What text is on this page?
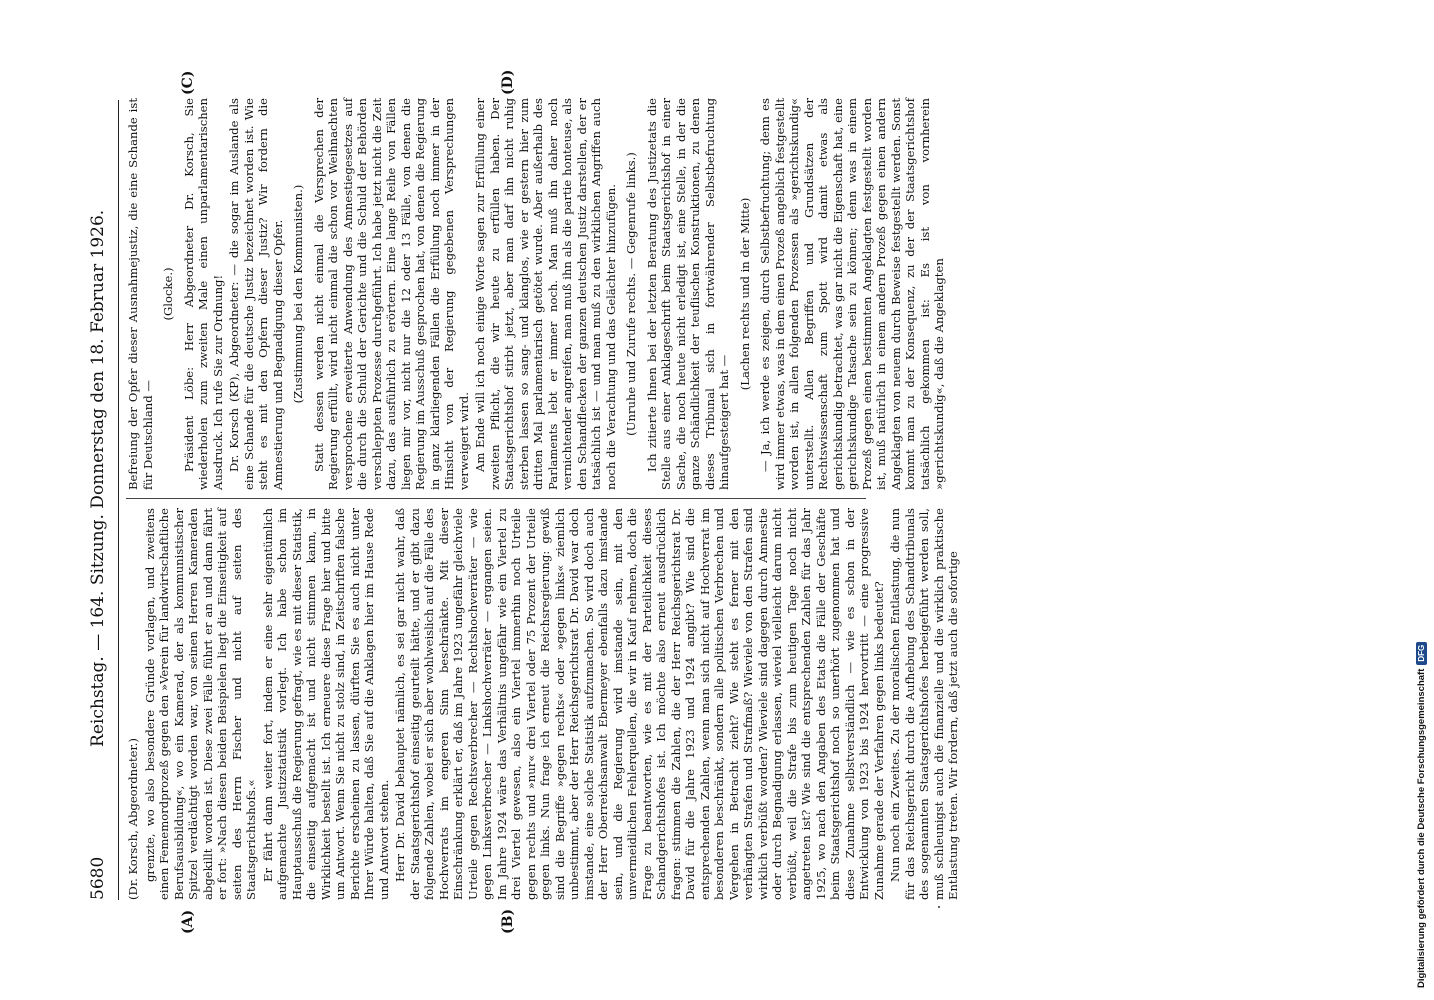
5680
Reichstag. — 164. Sitzung. Donnerstag den 18. Februar 1926.

(Dr. Korsch, Abgeordneter.) grenzte, wo also besondere Gründe vorlagen, und zweitens einen Fememordprozeß gegen den »Verein für landwirtschaftliche Berufsausbildung«, wo ein Kamerad, der als kommunistischer Spitzel verdächtigt worden war, von seinen Herren Kameraden abgekillt worden ist. Diese zwei Fälle führt er an und dann fährt er fort: »Nach diesen beiden Beispielen liegt die Einseitigkeit auf seiten des Herrn Fischer und nicht auf seiten des Staatsgerichtshofs.« Er fährt dann weiter fort, indem er eine sehr eigentümlich aufgemachte Justizstatistik vorlegt. Ich habe schon im Hauptausschuß die Regierung gefragt, wie es mit dieser Statistik, die einseitig aufgemacht ist und nicht stimmen kann, in Wirklichkeit bestellt ist. Ich erneuere diese Frage hier und bitte um Antwort. Wenn Sie nicht zu stolz sind, in Zeitschriften falsche Berichte erscheinen zu lassen, dürften Sie es auch nicht unter Ihrer Würde halten, daß Sie auf die Anklagen hier im Hause Rede und Antwort stehen. Herr Dr. David behauptet nämlich, es sei gar nicht wahr, daß der Staatsgerichtshof einseitig geurteilt hätte, und er gibt dazu folgende Zahlen, wobei er sich aber wohlweislich auf die Fälle des Hochverrats im engeren Sinn beschränkte. Mit dieser Einschränkung erklärt er, daß im Jahre 1923 ungefähr gleichviele Urteile gegen Rechtsverbrecher — Rechtshochverräter — wie gegen Linksverbrecher — Linkshochverräter — ergangen seien. Im Jahre 1924 wäre das Verhältnis ungefähr wie ein Viertel zu drei Viertel gewesen, also ein Viertel immerhin noch Urteile gegen rechts und »nur« drei Viertel oder 75 Prozent der Urteile gegen links. Nun frage ich erneut die Reichsregierung: gewiß sind die Begriffe »gegen rechts« oder »gegen links« ziemlich unbestimmt, aber der Herr Reichsgerichtsrat Dr. David war doch imstande, eine solche Statistik aufzumachen. So wird doch auch der Herr Oberreichsanwalt Ebermeyer ebenfalls dazu imstande sein, und die Regierung wird imstande sein, mit den unvermeidlichen Fehlerquellen, die wir in Kauf nehmen, doch die Frage zu beantworten, wie es mit der Parteilichkeit dieses Schandgerichtshofes ist. Ich möchte also erneut ausdrücklich fragen: stimmen die Zahlen, die der Herr Reichsgerichtsrat Dr. David für die Jahre 1923 und 1924 angibt? Wie sind die entsprechenden Zahlen, wenn man sich nicht auf Hochverrat im besonderen beschränkt, sondern alle politischen Verbrechen und Vergehen in Betracht zieht? Wie steht es ferner mit den verhängten Strafen und Strafmaß? Wieviele von den Strafen sind wirklich verbüßt worden? Wieviele sind dagegen durch Amnestie oder durch Begnadigung erlassen, wieviel vielleicht darum nicht verbüßt, weil die Strafe bis zum heutigen Tage noch nicht angetreten ist? Wie sind die entsprechenden Zahlen für das Jahr 1925, wo nach den Angaben des Etats die Fälle der Geschäfte beim Staatsgerichtshof noch so unerhört zugenommen hat und diese Zunahme selbstverständlich — wie es schon in der Entwicklung von 1923 bis 1924 hervortritt — eine progressive Zunahme gerade der Verfahren gegen links bedeutet? Nun noch ein Zweites. Zu der moralischen Entlastung, die nun für das Reichsgericht durch die Aufhebung des Schandtribunals des sogenannten Staatsgerichtshofes herbeigeführt werden soll, muß schleunigst auch die finanzielle und die wirklich praktische Entlastung treten. Wir fordern, daß jetzt auch die sofortige

Befreiung der Opfer dieser Ausnahmejustiz, die eine Schande ist für Deutschland —

(Glocke.) Präsident Löbe: Herr Abgeordneter Dr. Korsch, Sie wiederholen zum zweiten Male einen unparlamentarischen Ausdruck. Ich rufe Sie zur Ordnung! Dr. Korsch (KP), Abgeordneter: — die sogar im Auslande als eine Schande für die deutsche Justiz bezeichnet worden ist. Wie steht es mit den Opfern dieser Justiz? Wir fordern die Amnestierung und Begnadigung dieser Opfer. (Zustimmung bei den Kommunisten.) Statt dessen werden nicht einmal die Versprechen der Regierung erfüllt, wird nicht einmal die schon vor Weihnachten versprochene erweiterte Anwendung des Amnestiegesetzes auf die durch die Schuld der Gerichte und die Schuld der Behörden verschleppten Prozesse durchgeführt. Ich habe jetzt nicht die Zeit dazu, das ausführlich zu erörtern. Eine lange Reihe von Fällen liegen mir vor, nicht nur die 12 oder 13 Fälle, von denen die Regierung im Ausschuß gesprochen hat, von denen die Regierung in ganz klarliegenden Fällen die Erfüllung noch immer in der Hinsicht von der Regierung gegebenen Versprechungen verweigert wird. Am Ende will ich noch einige Worte sagen zur Erfüllung einer zweiten Pflicht, die wir heute zu erfüllen haben. Der Staatsgerichtshof stirbt jetzt, aber man darf ihn nicht ruhig sterben lassen so sang- und klanglos, wie er gestern hier zum dritten Mal parlamentarisch getötet wurde. Aber außerhalb des Parlaments lebt er immer noch. Man muß ihn daher noch vernichtender angreifen, man muß ihn als die partie honteuse, als den Schandflecken der ganzen deutschen Justiz darstellen, der er tatsächlich ist — und man muß zu den wirklichen Angriffen auch noch die Verachtung und das Gelächter hinzufügen. (Unruhe und Zurufe rechts. — Gegenrufe links.) Ich zitierte Ihnen bei der letzten Beratung des Justizetats die Stelle aus einer Anklageschrift beim Staatsgerichtshof in einer Sache, die noch heute nicht erledigt ist, eine Stelle, in der die ganze Schändlichkeit der teuflischen Konstruktionen, zu denen dieses Tribunal sich in fortwährender Selbstbefruchtung hinaufgesteigert hat —

(Lachen rechts und in der Mitte) — Ja, ich werde es zeigen, durch Selbstbefruchtung; denn es wird immer etwas, was in dem einen Prozeß angeblich festgestellt worden ist, in allen folgenden Prozessen als »gerichtskundig« unterstellt. Allen Begriffen und Grundsätzen der Rechtswissenschaft zum Spott wird damit etwas als gerichtskundig betrachtet, was gar nicht die Eigenschaft hat, eine gerichtskundige Tatsache sein zu können; denn was in einem Prozeß gegen einen bestimmten Angeklagten festgestellt worden ist, muß natürlich in einem andern Prozeß gegen einen andern Angeklagten von neuem durch Beweise festgestellt werden. Sonst kommt man zu der Konsequenz, zu der der Staatsgerichtshof tatsächlich gekommen ist: Es ist von vornherein »gerichtskundig«, daß die Angeklagten

(A)	(B)
(C)	(D)
Digitalisierung gefördert durch die Deutsche Forschungsgemeinschaft
DFG
